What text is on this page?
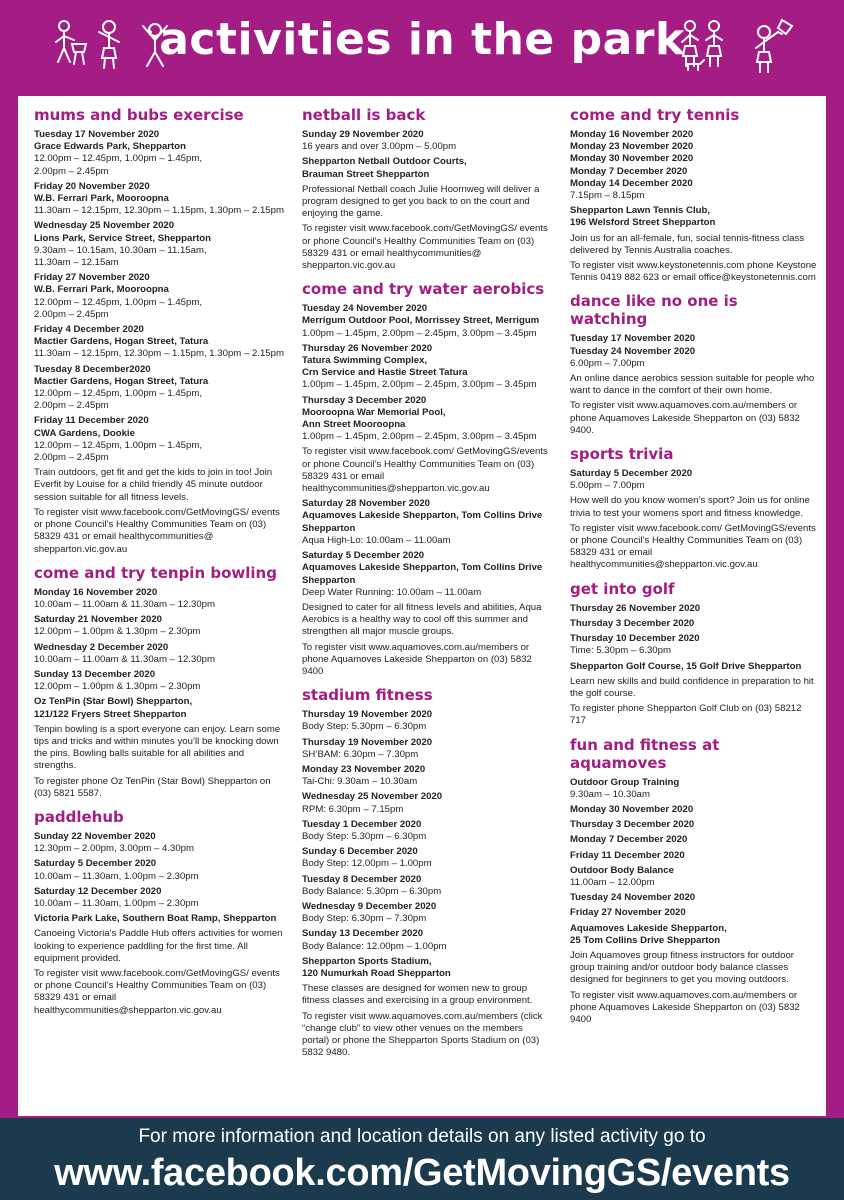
activities in the park
mums and bubs exercise
Tuesday 17 November 2020
Grace Edwards Park, Shepparton
12.00pm – 12.45pm, 1.00pm – 1.45pm,
2.00pm – 2.45pm
Friday 20 November 2020
W.B. Ferrari Park, Mooroopna
11.30am – 12.15pm, 12.30pm – 1.15pm, 1.30pm – 2.15pm
Wednesday 25 November 2020
Lions Park, Service Street, Shepparton
9.30am – 10.15am, 10.30am – 11.15am,
11.30am – 12.15am
Friday 27 November 2020
W.B. Ferrari Park, Mooroopna
12.00pm – 12.45pm, 1.00pm – 1.45pm,
2.00pm – 2.45pm
Friday 4 December 2020
Mactier Gardens, Hogan Street, Tatura
11.30am – 12.15pm, 12.30pm – 1.15pm, 1.30pm – 2.15pm
Tuesday 8 December2020
Mactier Gardens, Hogan Street, Tatura
12.00pm – 12.45pm, 1.00pm – 1.45pm,
2.00pm – 2.45pm
Friday 11 December 2020
CWA Gardens, Dookie
12.00pm – 12.45pm, 1.00pm – 1.45pm,
2.00pm – 2.45pm
Train outdoors, get fit and get the kids to join in too! Join Everfit by Louise for a child friendly 45 minute outdoor session suitable for all fitness levels.
To register visit www.facebook.com/GetMovingGS/ events or phone Council’s Healthy Communities Team on (03) 58329 431 or email healthycommunities@ shepparton.vic.gov.au
come and try tenpin bowling
Monday 16 November 2020
10.00am – 11.00am & 11.30am – 12.30pm
Saturday 21 November 2020
12.00pm – 1.00pm & 1.30pm – 2.30pm
Wednesday 2 December 2020
10.00am – 11.00am & 11.30am – 12.30pm
Sunday 13 December 2020
12.00pm – 1.00pm & 1.30pm – 2.30pm
Oz TenPin (Star Bowl) Shepparton,
121/122 Fryers Street Shepparton
Tenpin bowling is a sport everyone can enjoy. Learn some tips and tricks and within minutes you’ll be knocking down the pins. Bowling balls suitable for all abilities and strengths.
To register phone Oz TenPin (Star Bowl) Shepparton on (03) 5821 5587.
paddlehub
Sunday 22 November 2020
12.30pm – 2.00pm, 3.00pm – 4.30pm
Saturday 5 December 2020
10.00am – 11.30am, 1.00pm – 2.30pm
Saturday 12 December 2020
10.00am – 11.30am, 1.00pm – 2.30pm
Victoria Park Lake, Southern Boat Ramp, Shepparton
Canoeing Victoria’s Paddle Hub offers activities for women looking to experience paddling for the first time. All equipment provided.
To register visit www.facebook.com/GetMovingGS/ events or phone Council’s Healthy Communities Team on (03) 58329 431 or email healthycommunities@shepparton.vic.gov.au
netball is back
Sunday 29 November 2020
16 years and over 3.00pm – 5.00pm
Shepparton Netball Outdoor Courts,
Brauman Street Shepparton
Professional Netball coach Julie Hoornweg will deliver a program designed to get you back to on the court and enjoying the game.
To register visit www.facebook.com/GetMovingGS/ events or phone Council’s Healthy Communities Team on (03) 58329 431 or email healthycommunities@ shepparton.vic.gov.au
come and try water aerobics
Tuesday 24 November 2020
Merrigum Outdoor Pool, Morrissey Street, Merrigum
1.00pm – 1.45pm, 2.00pm – 2.45pm, 3.00pm – 3.45pm
Thursday 26 November 2020
Tatura Swimming Complex,
Crn Service and Hastie Street Tatura
1.00pm – 1.45pm, 2.00pm – 2.45pm, 3.00pm – 3.45pm
Thursday 3 December 2020
Mooroopna War Memorial Pool,
Ann Street Mooroopna
1.00pm – 1.45pm, 2.00pm – 2.45pm, 3.00pm – 3.45pm
To register visit www.facebook.com/ GetMovingGS/events or phone Council’s Healthy Communities Team on (03) 58329 431 or email healthycommunities@shepparton.vic.gov.au
Saturday 28 November 2020
Aquamoves Lakeside Shepparton, Tom Collins Drive Shepparton
Aqua High-Lo: 10.00am – 11.00am
Saturday 5 December 2020
Aquamoves Lakeside Shepparton, Tom Collins Drive Shepparton
Deep Water Running: 10.00am – 11.00am
Designed to cater for all fitness levels and abilities, Aqua Aerobics is a healthy way to cool off this summer and strengthen all major muscle groups.
To register visit www.aquamoves.com.au/members or phone Aquamoves Lakeside Shepparton on (03) 5832 9400
stadium fitness
Thursday 19 November 2020
Body Step: 5.30pm – 6.30pm
Thursday 19 November 2020
SH’BAM: 6.30pm – 7.30pm
Monday 23 November 2020
Tai-Chi: 9.30am – 10.30am
Wednesday 25 November 2020
RPM: 6.30pm – 7.15pm
Tuesday 1 December 2020
Body Step: 5.30pm – 6.30pm
Sunday 6 December 2020
Body Step: 12.00pm – 1.00pm
Tuesday 8 December 2020
Body Balance: 5.30pm – 6.30pm
Wednesday 9 December 2020
Body Step: 6.30pm – 7.30pm
Sunday 13 December 2020
Body Balance: 12.00pm – 1.00pm
Shepparton Sports Stadium,
120 Numurkah Road Shepparton
These classes are designed for women new to group fitness classes and exercising in a group environment.
To register visit www.aquamoves.com.au/members (click “change club” to view other venues on the members portal) or phone the Shepparton Sports Stadium on (03) 5832 9480.
come and try tennis
Monday 16 November 2020
Monday 23 November 2020
Monday 30 November 2020
Monday 7 December 2020
Monday 14 December 2020
7.15pm – 8.15pm
Shepparton Lawn Tennis Club,
196 Welsford Street Shepparton
Join us for an all-female, fun, social tennis-fitness class delivered by Tennis Australia coaches.
To register visit www.keystonetennis.com phone Keystone Tennis 0419 882 623 or email office@keystonetennis.com
dance like no one is watching
Tuesday 17 November 2020
Tuesday 24 November 2020
6.00pm – 7.00pm
An online dance aerobics session suitable for people who want to dance in the comfort of their own home.
To register visit www.aquamoves.com.au/members or phone Aquamoves Lakeside Shepparton on (03) 5832 9400.
sports trivia
Saturday 5 December 2020
5.00pm – 7.00pm
How well do you know women’s sport? Join us for online trivia to test your womens sport and fitness knowledge.
To register visit www.facebook.com/ GetMovingGS/events or phone Council’s Healthy Communities Team on (03) 58329 431 or email healthycommunities@shepparton.vic.gov.au
get into golf
Thursday 26 November 2020
Thursday 3 December 2020
Thursday 10 December 2020
Time: 5.30pm – 6.30pm
Shepparton Golf Course, 15 Golf Drive Shepparton
Learn new skills and build confidence in preparation to hit the golf course.
To register phone Shepparton Golf Club on (03) 58212 717
fun and fitness at aquamoves
Outdoor Group Training
9.30am – 10.30am
Monday 30 November 2020
Thursday 3 December 2020
Monday 7 December 2020
Friday 11 December 2020
Outdoor Body Balance
11.00am – 12.00pm
Tuesday 24 November 2020
Friday 27 November 2020
Aquamoves Lakeside Shepparton,
25 Tom Collins Drive Shepparton
Join Aquamoves group fitness instructors for outdoor group training and/or outdoor body balance classes designed for beginners to get you moving outdoors.
To register visit www.aquamoves.com.au/members or phone Aquamoves Lakeside Shepparton on (03) 5832 9400
For more information and location details on any listed activity go to
www.facebook.com/GetMovingGS/events
